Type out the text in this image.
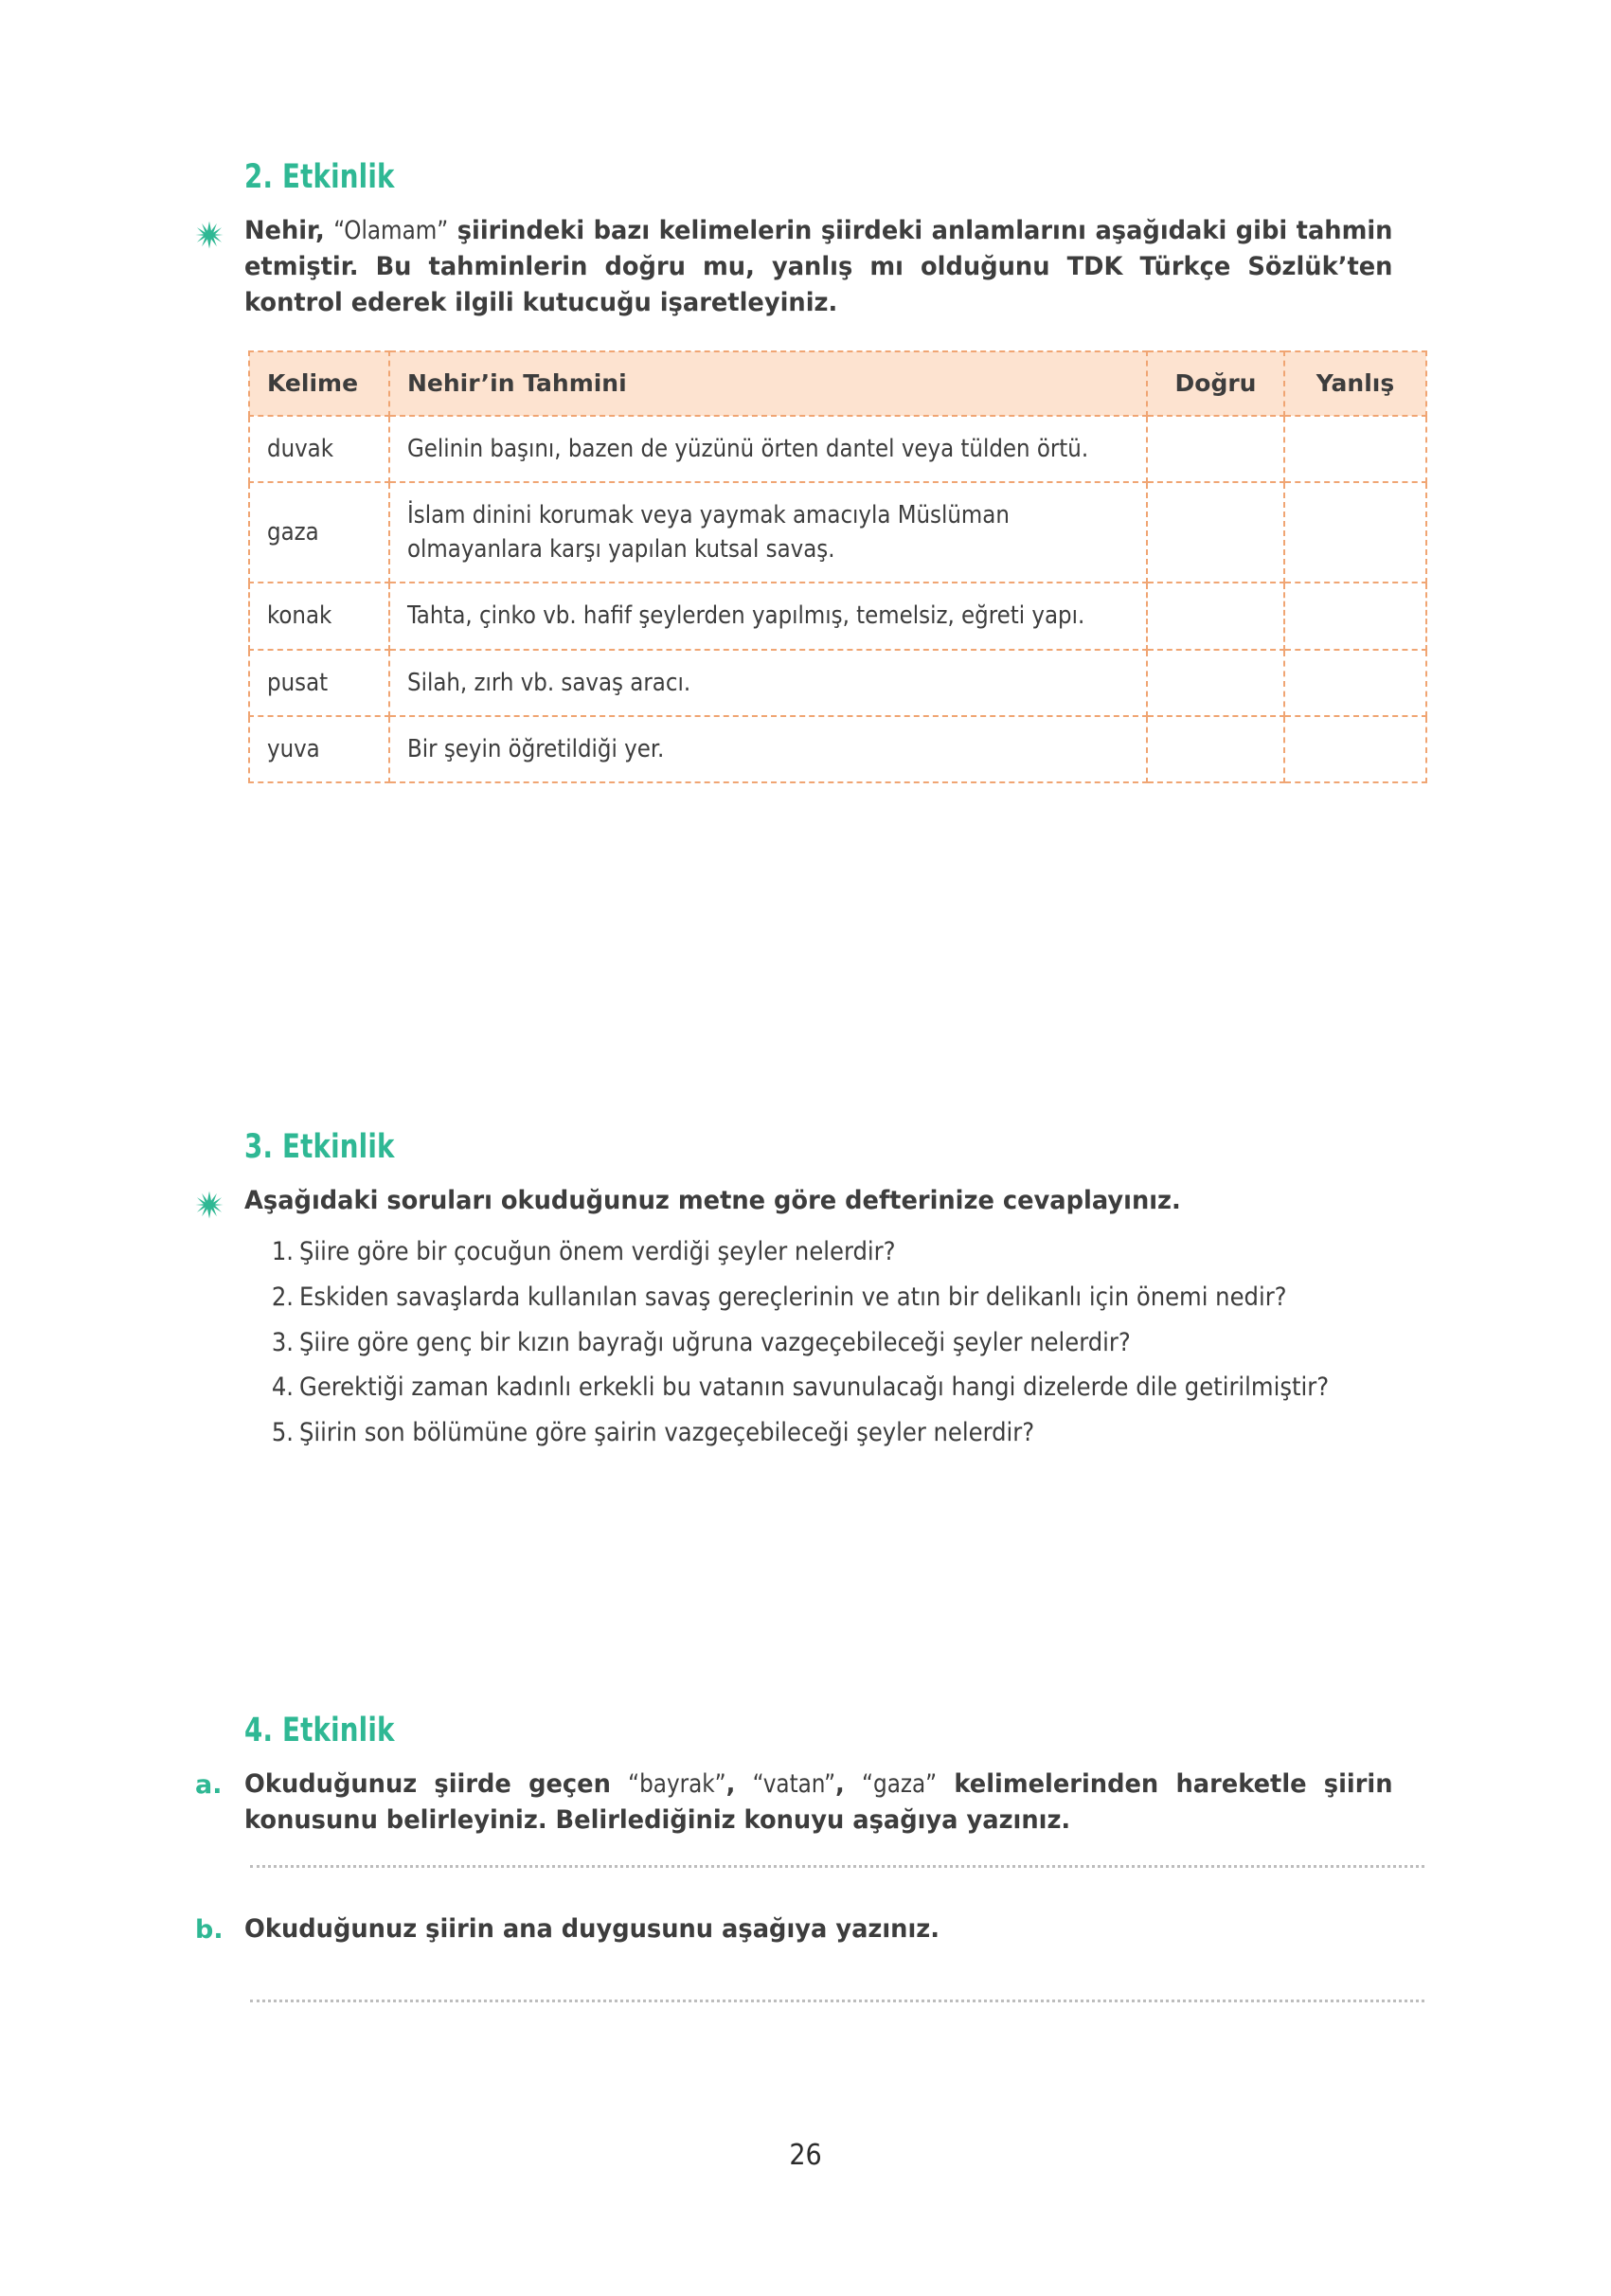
2. Etkinlik
Nehir, “Olamam” şiirindeki bazı kelimelerin şiirdeki anlamlarını aşağıdaki gibi tahmin etmiştir. Bu tahminlerin doğru mu, yanlış mı olduğunu TDK Türkçe Sözlük’ten kontrol ederek ilgili kutucuğu işaretleyiniz.
Kelime	Nehir’in Tahmini	Doğru	Yanlış
duvak	Gelinin başını, bazen de yüzünü örten dantel veya tülden örtü.		
gaza	İslam dinini korumak veya yaymak amacıyla Müslüman olmayanlara karşı yapılan kutsal savaş.		
konak	Tahta, çinko vb. hafif şeylerden yapılmış, temelsiz, eğreti yapı.		
pusat	Silah, zırh vb. savaş aracı.		
yuva	Bir şeyin öğretildiği yer.		
3. Etkinlik
Aşağıdaki soruları okuduğunuz metne göre defterinize cevaplayınız.
Şiire göre bir çocuğun önem verdiği şeyler nelerdir?
Eskiden savaşlarda kullanılan savaş gereçlerinin ve atın bir delikanlı için önemi nedir?
Şiire göre genç bir kızın bayrağı uğruna vazgeçebileceği şeyler nelerdir?
Gerektiği zaman kadınlı erkekli bu vatanın savunulacağı hangi dizelerde dile getirilmiştir?
Şiirin son bölümüne göre şairin vazgeçebileceği şeyler nelerdir?
4. Etkinlik
a. Okuduğunuz şiirde geçen “bayrak”, “vatan”, “gaza” kelimelerinden hareketle şiirin konusunu belirleyiniz. Belirlediğiniz konuyu aşağıya yazınız.
b. Okuduğunuz şiirin ana duygusunu aşağıya yazınız.
26
